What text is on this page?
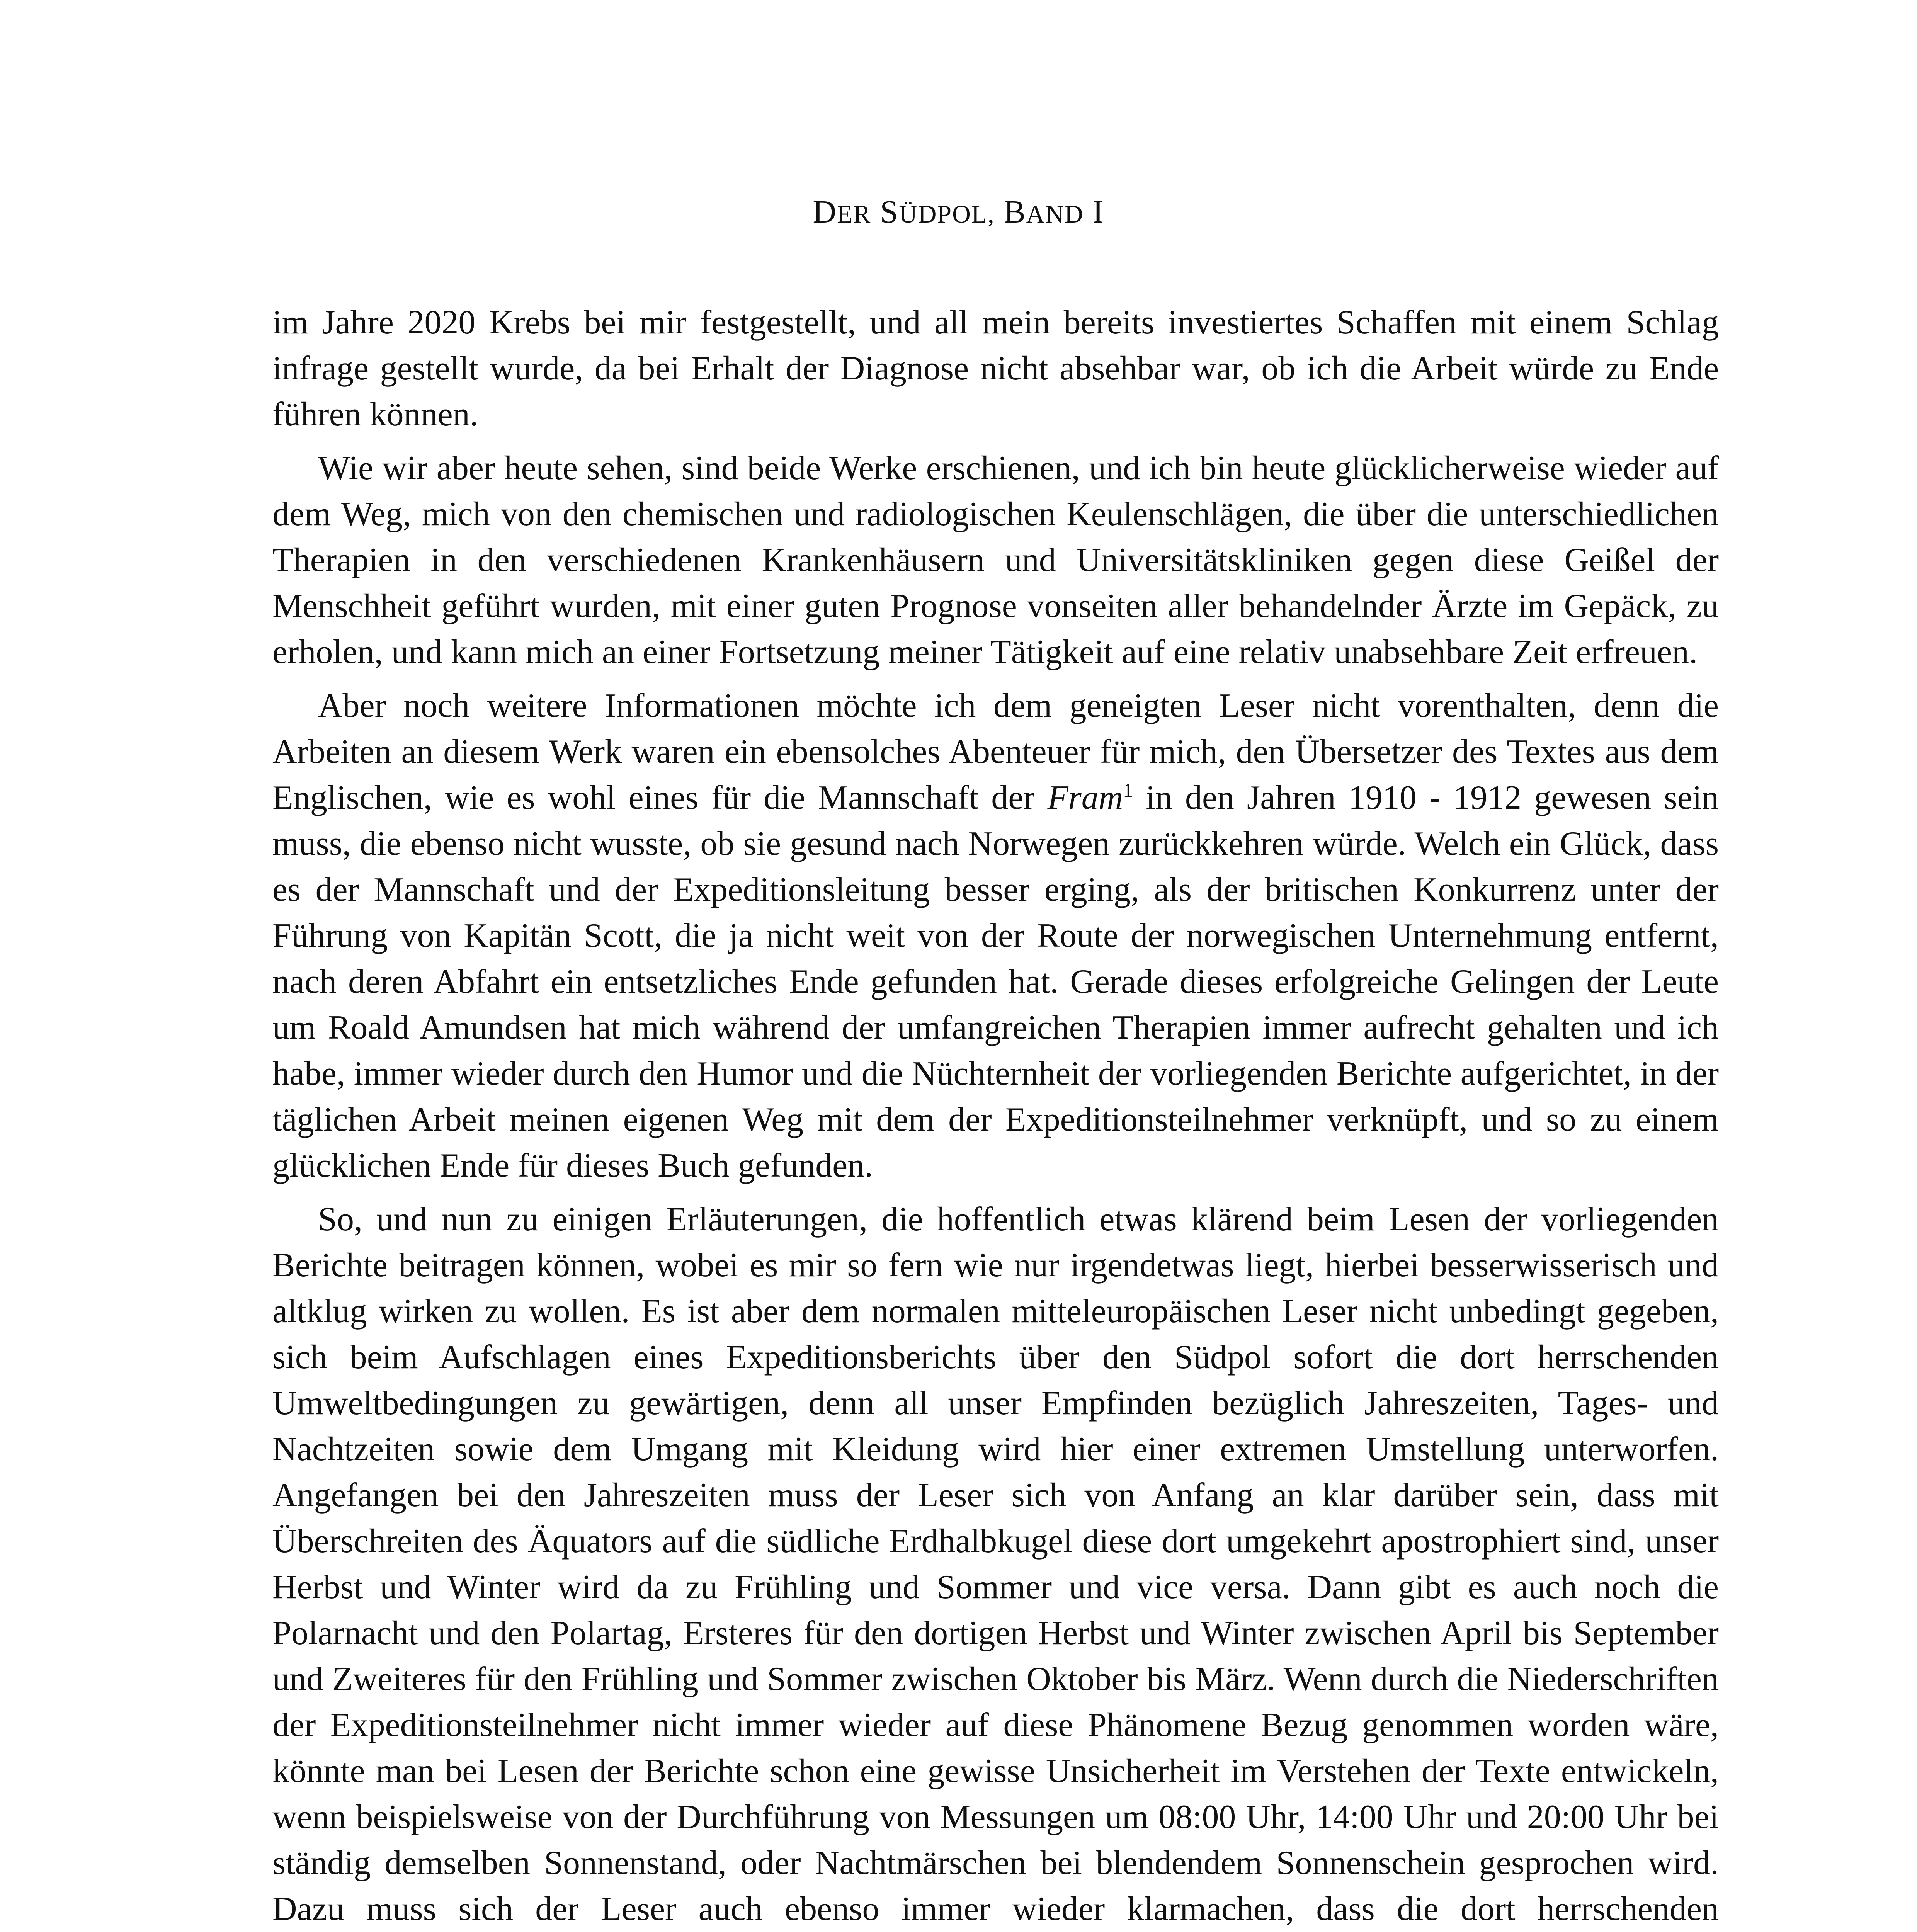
DER SÜDPOL, BAND I

im Jahre 2020 Krebs bei mir festgestellt, und all mein bereits investiertes Schaffen mit einem Schlag infrage gestellt wurde, da bei Erhalt der Diagnose nicht absehbar war, ob ich die Arbeit würde zu Ende führen können.

Wie wir aber heute sehen, sind beide Werke erschienen, und ich bin heute glücklicherweise wieder auf dem Weg, mich von den chemischen und radiologischen Keulenschlägen, die über die unterschiedlichen Therapien in den verschiedenen Krankenhäusern und Universitätskliniken gegen diese Geißel der Menschheit geführt wurden, mit einer guten Prognose vonseiten aller behandelnder Ärzte im Gepäck, zu erholen, und kann mich an einer Fortsetzung meiner Tätigkeit auf eine relativ unabsehbare Zeit erfreuen.

Aber noch weitere Informationen möchte ich dem geneigten Leser nicht vorenthalten, denn die Arbeiten an diesem Werk waren ein ebensolches Abenteuer für mich, den Übersetzer des Textes aus dem Englischen, wie es wohl eines für die Mannschaft der Fram$^1$ in den Jahren 1910 - 1912 gewesen sein muss, die ebenso nicht wusste, ob sie gesund nach Norwegen zurückkehren würde. Welch ein Glück, dass es der Mannschaft und der Expeditionsleitung besser erging, als der britischen Konkurrenz unter der Führung von Kapitän Scott, die ja nicht weit von der Route der norwegischen Unternehmung entfernt, nach deren Abfahrt ein entsetzliches Ende gefunden hat. Gerade dieses erfolgreiche Gelingen der Leute um Roald Amundsen hat mich während der umfangreichen Therapien immer aufrecht gehalten und ich habe, immer wieder durch den Humor und die Nüchternheit der vorliegenden Berichte aufgerichtet, in der täglichen Arbeit meinen eigenen Weg mit dem der Expeditionsteilnehmer verknüpft, und so zu einem glücklichen Ende für dieses Buch gefunden.

So, und nun zu einigen Erläuterungen, die hoffentlich etwas klärend beim Lesen der vorliegenden Berichte beitragen können, wobei es mir so fern wie nur irgendetwas liegt, hierbei besserwisserisch und altklug wirken zu wollen. Es ist aber dem normalen mitteleuropäischen Leser nicht unbedingt gegeben, sich beim Aufschlagen eines Expeditionsberichts über den Südpol sofort die dort herrschenden Umweltbedingungen zu gewärtigen, denn all unser Empfinden bezüglich Jahreszeiten, Tages- und Nachtzeiten sowie dem Umgang mit Kleidung wird hier einer extremen Umstellung unterworfen. Angefangen bei den Jahreszeiten muss der Leser sich von Anfang an klar darüber sein, dass mit Überschreiten des Äquators auf die südliche Erdhalbkugel diese dort umgekehrt apostrophiert sind, unser Herbst und Winter wird da zu Frühling und Sommer und vice versa. Dann gibt es auch noch die Polarnacht und den Polartag, Ersteres für den dortigen Herbst und Winter zwischen April bis September und Zweiteres für den Frühling und Sommer zwischen Oktober bis März. Wenn durch die Niederschriften der Expeditionsteilnehmer nicht immer wieder auf diese Phänomene Bezug genommen worden wäre, könnte man bei Lesen der Berichte schon eine gewisse Unsicherheit im Verstehen der Texte entwickeln, wenn beispielsweise von der Durchführung von Messungen um 08:00 Uhr, 14:00 Uhr und 20:00 Uhr bei ständig demselben Sonnenstand, oder Nachtmärschen bei blendendem Sonnenschein gesprochen wird. Dazu muss sich der Leser auch ebenso immer wieder klarmachen, dass die dort herrschenden
